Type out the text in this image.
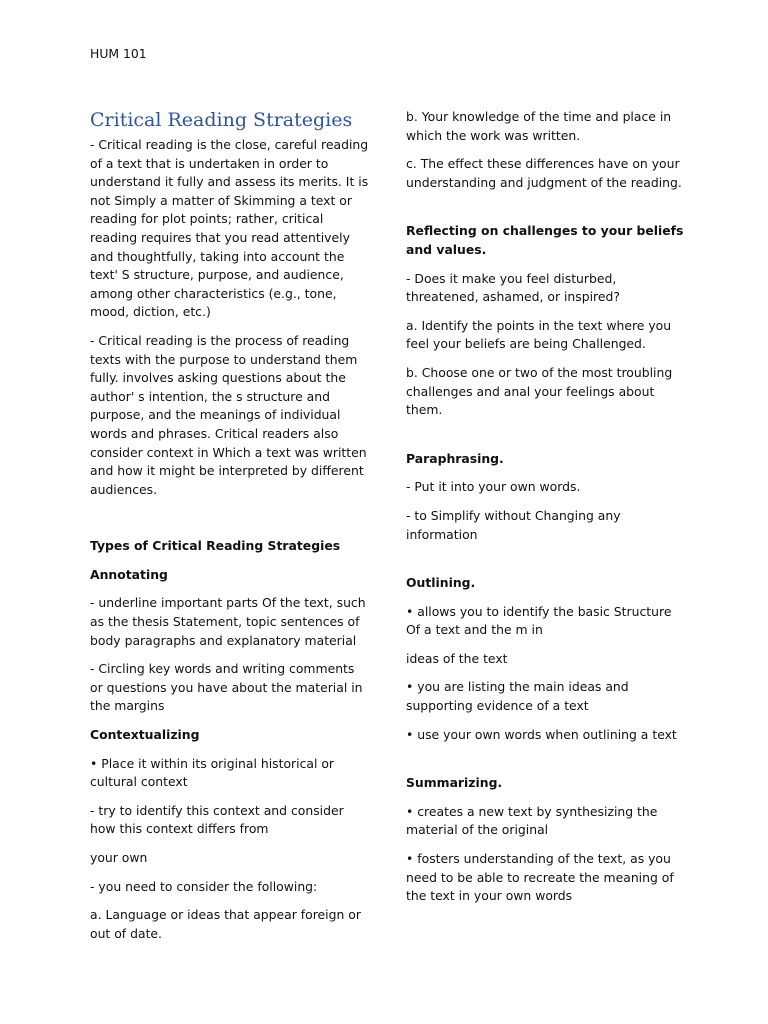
HUM 101
Critical Reading Strategies

- Critical reading is the close, careful reading of a text that is undertaken in order to understand it fully and assess its merits. It is not Simply a matter of Skimming a text or reading for plot points; rather, critical reading requires that you read attentively and thoughtfully, taking into account the text' S structure, purpose, and audience, among other characteristics (e.g., tone, mood, diction, etc.)

- Critical reading is the process of reading texts with the purpose to understand them fully. involves asking questions about the author' s intention, the s structure and purpose, and the meanings of individual words and phrases. Critical readers also consider context in Which a text was written and how it might be interpreted by different audiences.

Types of Critical Reading Strategies

Annotating

- underline important parts Of the text, such as the thesis Statement, topic sentences of body paragraphs and explanatory material

- Circling key words and writing comments or questions you have about the material in the margins

Contextualizing

• Place it within its original historical or cultural context

- try to identify this context and consider how this context differs from

your own

- you need to consider the following:

a. Language or ideas that appear foreign or out of date.

b. Your knowledge of the time and place in which the work was written.

c. The effect these differences have on your understanding and judgment of the reading.

Reflecting on challenges to your beliefs and values.

- Does it make you feel disturbed, threatened, ashamed, or inspired?

a. Identify the points in the text where you feel your beliefs are being Challenged.

b. Choose one or two of the most troubling challenges and anal your feelings about them.

Paraphrasing.

- Put it into your own words.

- to Simplify without Changing any information

Outlining.

• allows you to identify the basic Structure Of a text and the m in

ideas of the text

• you are listing the main ideas and supporting evidence of a text

• use your own words when outlining a text

Summarizing.

• creates a new text by synthesizing the material of the original

• fosters understanding of the text, as you need to be able to recreate the meaning of the text in your own words
